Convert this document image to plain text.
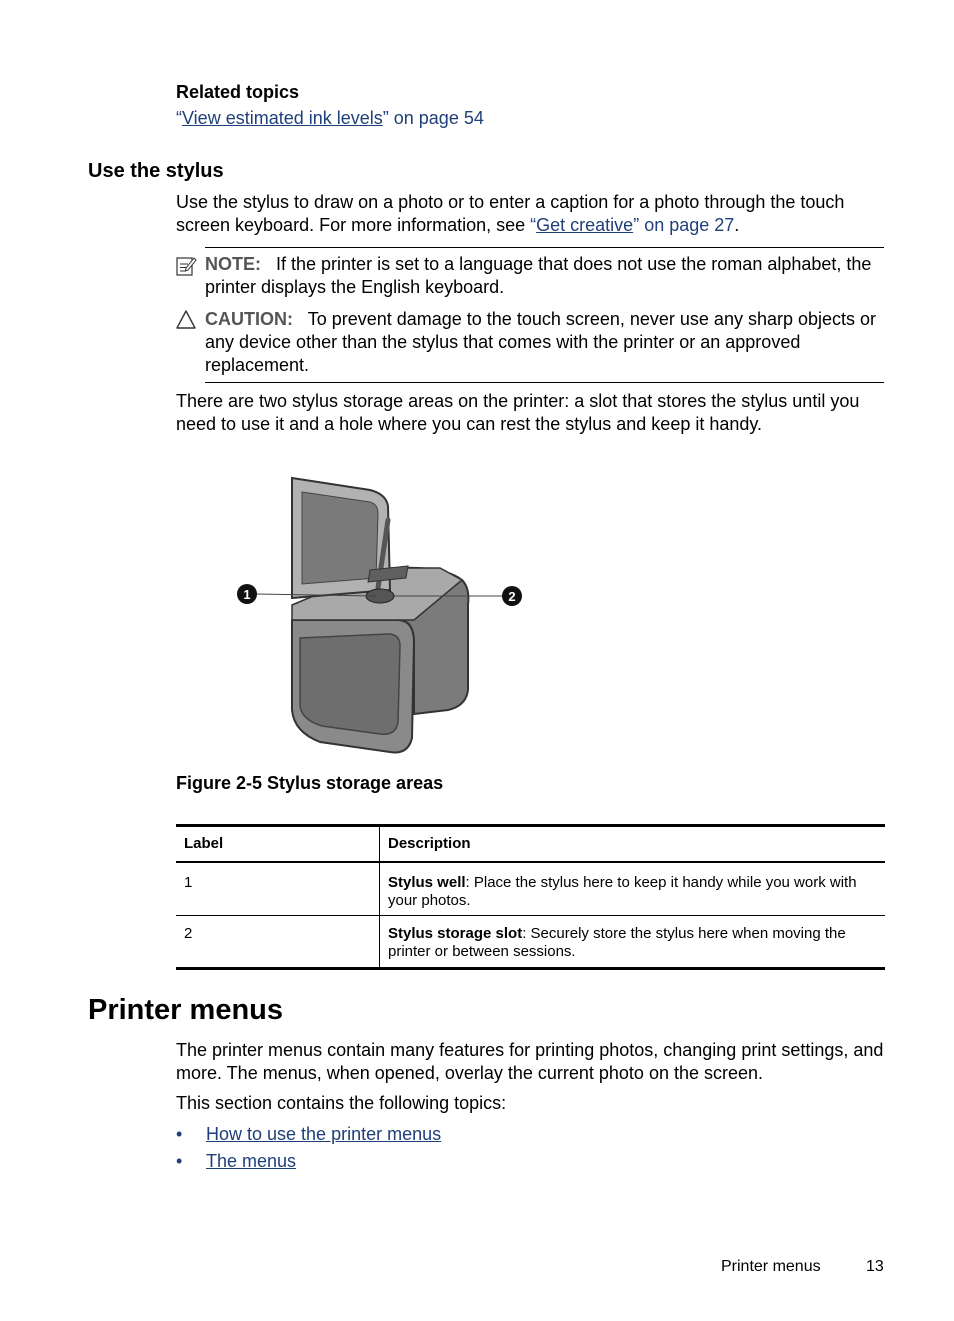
Related topics
“View estimated ink levels” on page 54
Use the stylus
Use the stylus to draw on a photo or to enter a caption for a photo through the touch screen keyboard. For more information, see “Get creative” on page 27.
NOTE: If the printer is set to a language that does not use the roman alphabet, the printer displays the English keyboard.
CAUTION: To prevent damage to the touch screen, never use any sharp objects or any device other than the stylus that comes with the printer or an approved replacement.
There are two stylus storage areas on the printer: a slot that stores the stylus until you need to use it and a hole where you can rest the stylus and keep it handy.
1	2
Figure 2-5 Stylus storage areas
Label	Description
1	Stylus well: Place the stylus here to keep it handy while you work with your photos.
2	Stylus storage slot: Securely store the stylus here when moving the printer or between sessions.
Printer menus
The printer menus contain many features for printing photos, changing print settings, and more. The menus, when opened, overlay the current photo on the screen.
This section contains the following topics:
• How to use the printer menus
• The menus
Printer menus	13
